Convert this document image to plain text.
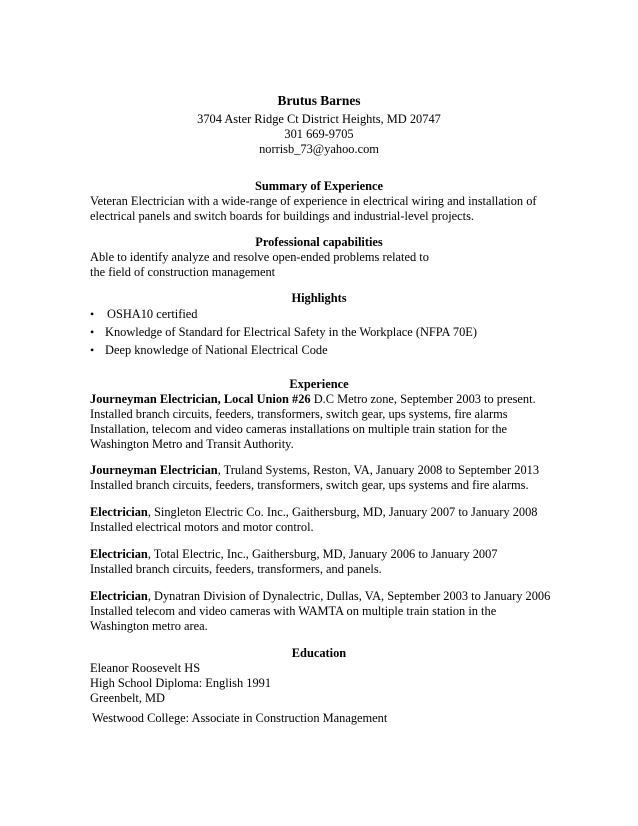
Brutus Barnes
3704 Aster Ridge Ct District Heights, MD 20747
301 669-9705
norrisb_73@yahoo.com
Summary of Experience
Veteran Electrician with a wide-range of experience in electrical wiring and installation of
electrical panels and switch boards for buildings and industrial-level projects.
Professional capabilities
Able to identify analyze and resolve open-ended problems related to
the field of construction management
Highlights
• OSHA10 certified
• Knowledge of Standard for Electrical Safety in the Workplace (NFPA 70E)
• Deep knowledge of National Electrical Code
Experience
Journeyman Electrician, Local Union #26 D.C Metro zone, September 2003 to present.
Installed branch circuits, feeders, transformers, switch gear, ups systems, fire alarms
Installation, telecom and video cameras installations on multiple train station for the
Washington Metro and Transit Authority.
Journeyman Electrician, Truland Systems, Reston, VA, January 2008 to September 2013
Installed branch circuits, feeders, transformers, switch gear, ups systems and fire alarms.
Electrician, Singleton Electric Co. Inc., Gaithersburg, MD, January 2007 to January 2008
Installed electrical motors and motor control.
Electrician, Total Electric, Inc., Gaithersburg, MD, January 2006 to January 2007
Installed branch circuits, feeders, transformers, and panels.
Electrician, Dynatran Division of Dynalectric, Dullas, VA, September 2003 to January 2006
Installed telecom and video cameras with WAMTA on multiple train station in the
Washington metro area.
Education
Eleanor Roosevelt HS
High School Diploma: English 1991
Greenbelt, MD
Westwood College: Associate in Construction Management
